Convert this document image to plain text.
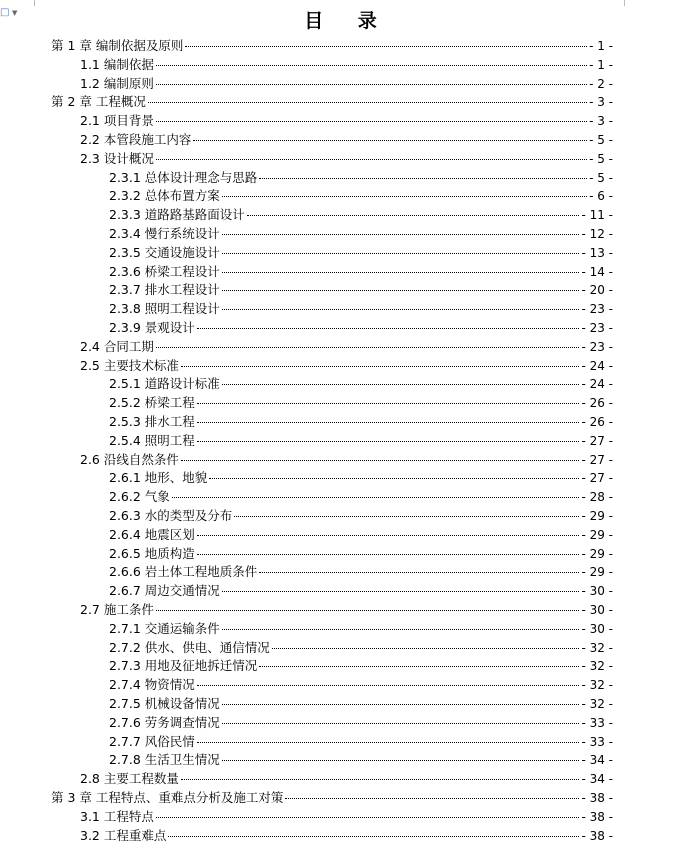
□ ▼	目 录
第 1 章 编制依据及原则	- 1 -
1.1 编制依据	- 1 -
1.2 编制原则	- 2 -
第 2 章 工程概况	- 3 -
2.1 项目背景	- 3 -
2.2 本管段施工内容	- 5 -
2.3 设计概况	- 5 -
2.3.1 总体设计理念与思路	- 5 -
2.3.2 总体布置方案	- 6 -
2.3.3 道路路基路面设计	- 11 -
2.3.4 慢行系统设计	- 12 -
2.3.5 交通设施设计	- 13 -
2.3.6 桥梁工程设计	- 14 -
2.3.7 排水工程设计	- 20 -
2.3.8 照明工程设计	- 23 -
2.3.9 景观设计	- 23 -
2.4 合同工期	- 23 -
2.5 主要技术标准	- 24 -
2.5.1 道路设计标准	- 24 -
2.5.2 桥梁工程	- 26 -
2.5.3 排水工程	- 26 -
2.5.4 照明工程	- 27 -
2.6 沿线自然条件	- 27 -
2.6.1 地形、地貌	- 27 -
2.6.2 气象	- 28 -
2.6.3 水的类型及分布	- 29 -
2.6.4 地震区划	- 29 -
2.6.5 地质构造	- 29 -
2.6.6 岩土体工程地质条件	- 29 -
2.6.7 周边交通情况	- 30 -
2.7 施工条件	- 30 -
2.7.1 交通运输条件	- 30 -
2.7.2 供水、供电、通信情况	- 32 -
2.7.3 用地及征地拆迁情况	- 32 -
2.7.4 物资情况	- 32 -
2.7.5 机械设备情况	- 32 -
2.7.6 劳务调查情况	- 33 -
2.7.7 风俗民情	- 33 -
2.7.8 生活卫生情况	- 34 -
2.8 主要工程数量	- 34 -
第 3 章 工程特点、重难点分析及施工对策	- 38 -
3.1 工程特点	- 38 -
3.2 工程重难点	- 38 -
